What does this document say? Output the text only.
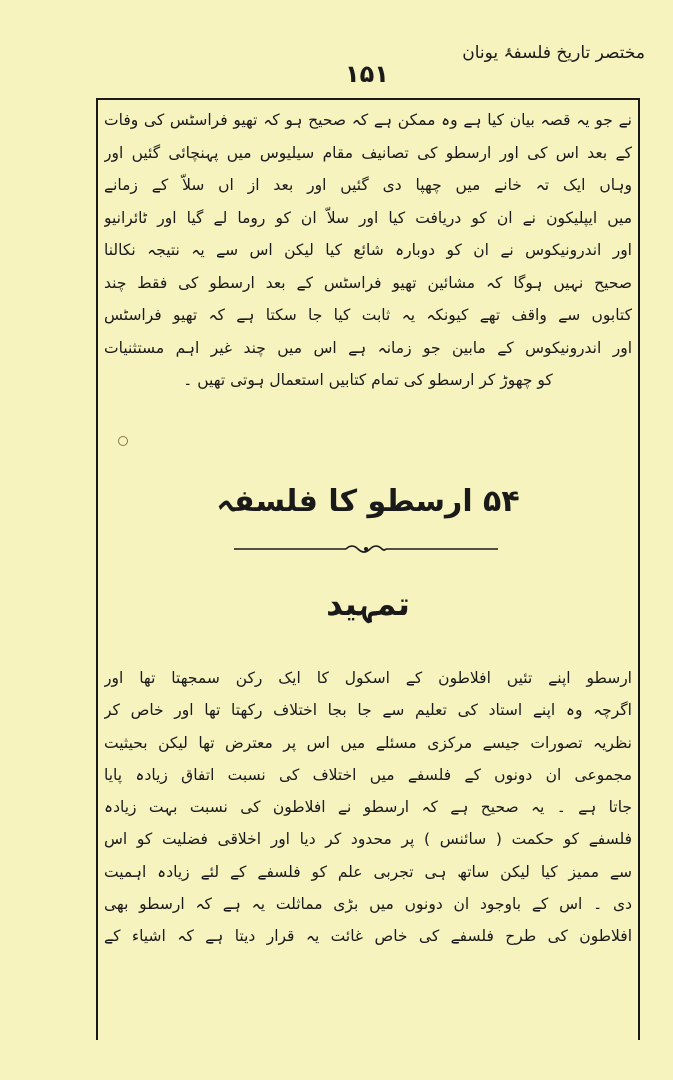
مختصر تاریخ فلسفۂ یونان
۱۵۱
نے جو یہ قصہ بیان کیا ہے وہ ممکن ہے کہ صحیح ہو کہ تھیو فراسٹس کی وفات
کے بعد اس کی اور ارسطو کی تصانیف مقام سیلیوس میں پہنچائی گئیں اور
وہاں ایک تہ خانے میں چھپا دی گئیں اور بعد از اں سلاّ کے زمانے
میں ایپلیکون نے ان کو دریافت کیا اور سلاّ ان کو روما لے گیا اور ٹائرانیو
اور اندرونیکوس نے ان کو دوبارہ شائع کیا لیکن اس سے یہ نتیجہ نکالنا
صحیح نہیں ہوگا کہ مشائین تھیو فراسٹس کے بعد ارسطو کی فقط چند
کتابوں سے واقف تھے کیونکہ یہ ثابت کیا جا سکتا ہے کہ تھیو فراسٹس
اور اندرونیکوس کے مابین جو زمانہ ہے اس میں چند غیر اہم مستثنیات
کو چھوڑ کر ارسطو کی تمام کتابیں استعمال ہوتی تھیں ۔
۵۴ ارسطو کا فلسفہ
تمہید
ارسطو اپنے تئیں افلاطون کے اسکول کا ایک رکن سمجھتا تھا اور
اگرچہ وہ اپنے استاد کی تعلیم سے جا بجا اختلاف رکھتا تھا اور خاص کر
نظریہ تصورات جیسے مرکزی مسئلے میں اس پر معترض تھا لیکن بحیثیت
مجموعی ان دونوں کے فلسفے میں اختلاف کی نسبت اتفاق زیادہ پایا
جاتا ہے ۔ یہ صحیح ہے کہ ارسطو نے افلاطون کی نسبت بہت زیادہ
فلسفے کو حکمت ( سائنس ) پر محدود کر دیا اور اخلاقی فضلیت کو اس
سے ممیز کیا لیکن ساتھ ہی تجربی علم کو فلسفے کے لئے زیادہ اہمیت
دی ۔ اس کے باوجود ان دونوں میں بڑی مماثلت یہ ہے کہ ارسطو بھی
افلاطون کی طرح فلسفے کی خاص غائت یہ قرار دیتا ہے کہ اشیاء کے
